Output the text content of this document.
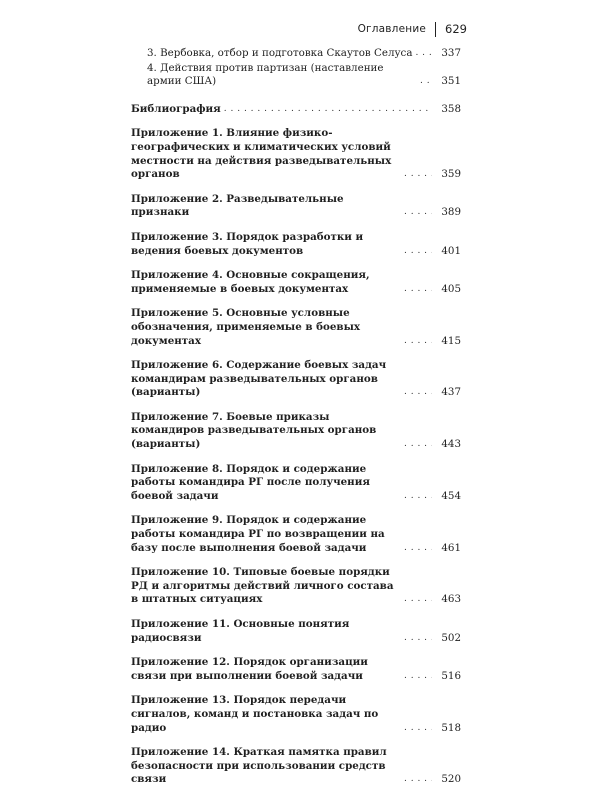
Оглавление 629
3. Вербовка, отбор и подготовка Скаутов Селуса . . .	337
4. Действия против партизан (наставление армии США) . . .	351
Библиография . . .	358
Приложение 1. Влияние физико-географических и климатических условий местности на действия разведывательных органов . . .	359
Приложение 2. Разведывательные признаки . . .	389
Приложение 3. Порядок разработки и ведения боевых документов . . .	401
Приложение 4. Основные сокращения, применяемые в боевых документах . . .	405
Приложение 5. Основные условные обозначения, применяемые в боевых документах . . .	415
Приложение 6. Содержание боевых задач командирам разведывательных органов (варианты) . . .	437
Приложение 7. Боевые приказы командиров разведывательных органов (варианты) . . .	443
Приложение 8. Порядок и содержание работы командира РГ после получения боевой задачи . . .	454
Приложение 9. Порядок и содержание работы командира РГ по возвращении на базу после выполнения боевой задачи . . .	461
Приложение 10. Типовые боевые порядки РД и алгоритмы действий личного состава в штатных ситуациях . . .	463
Приложение 11. Основные понятия радиосвязи . . .	502
Приложение 12. Порядок организации связи при выполнении боевой задачи . . .	516
Приложение 13. Порядок передачи сигналов, команд и постановка задач по радио . . .	518
Приложение 14. Краткая памятка правил безопасности при использовании средств связи . . .	520
